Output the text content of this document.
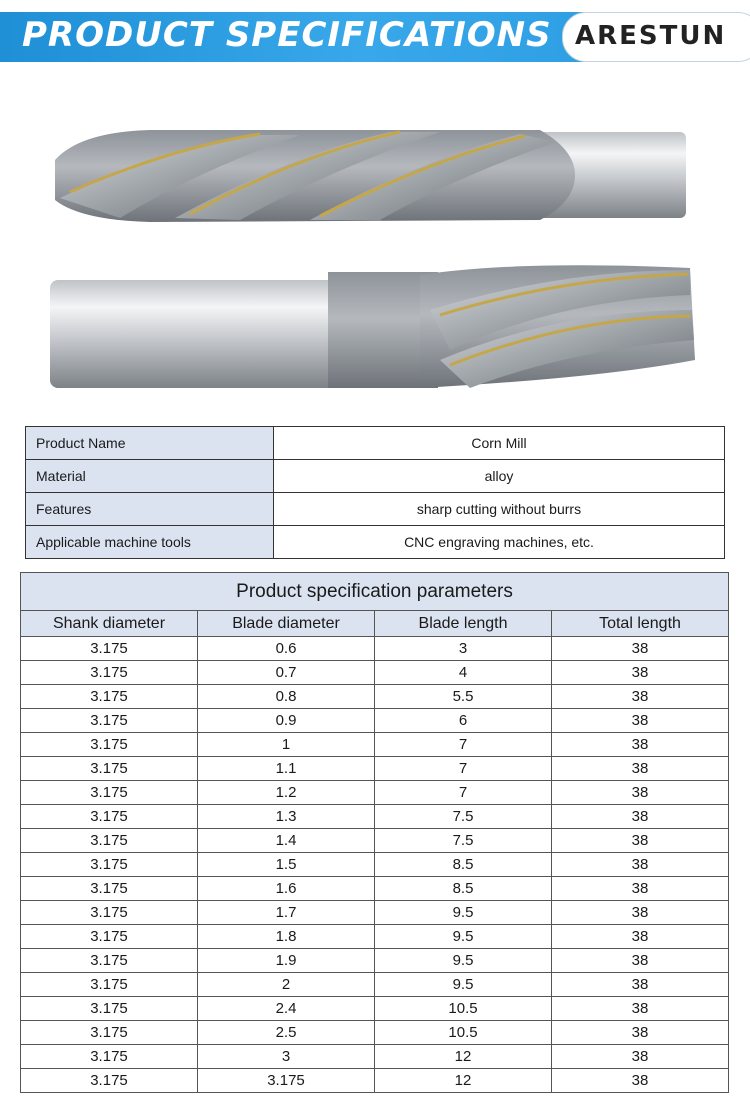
PRODUCT SPECIFICATIONS ARESTUN
Product Name	Corn Mill
Material	alloy
Features	sharp cutting without burrs
Applicable machine tools	CNC engraving machines, etc.
Product specification parameters			
Shank diameter	Blade diameter	Blade length	Total length
3.175	0.6	3	38
3.175	0.7	4	38
3.175	0.8	5.5	38
3.175	0.9	6	38
3.175	1	7	38
3.175	1.1	7	38
3.175	1.2	7	38
3.175	1.3	7.5	38
3.175	1.4	7.5	38
3.175	1.5	8.5	38
3.175	1.6	8.5	38
3.175	1.7	9.5	38
3.175	1.8	9.5	38
3.175	1.9	9.5	38
3.175	2	9.5	38
3.175	2.4	10.5	38
3.175	2.5	10.5	38
3.175	3	12	38
3.175	3.175	12	38
